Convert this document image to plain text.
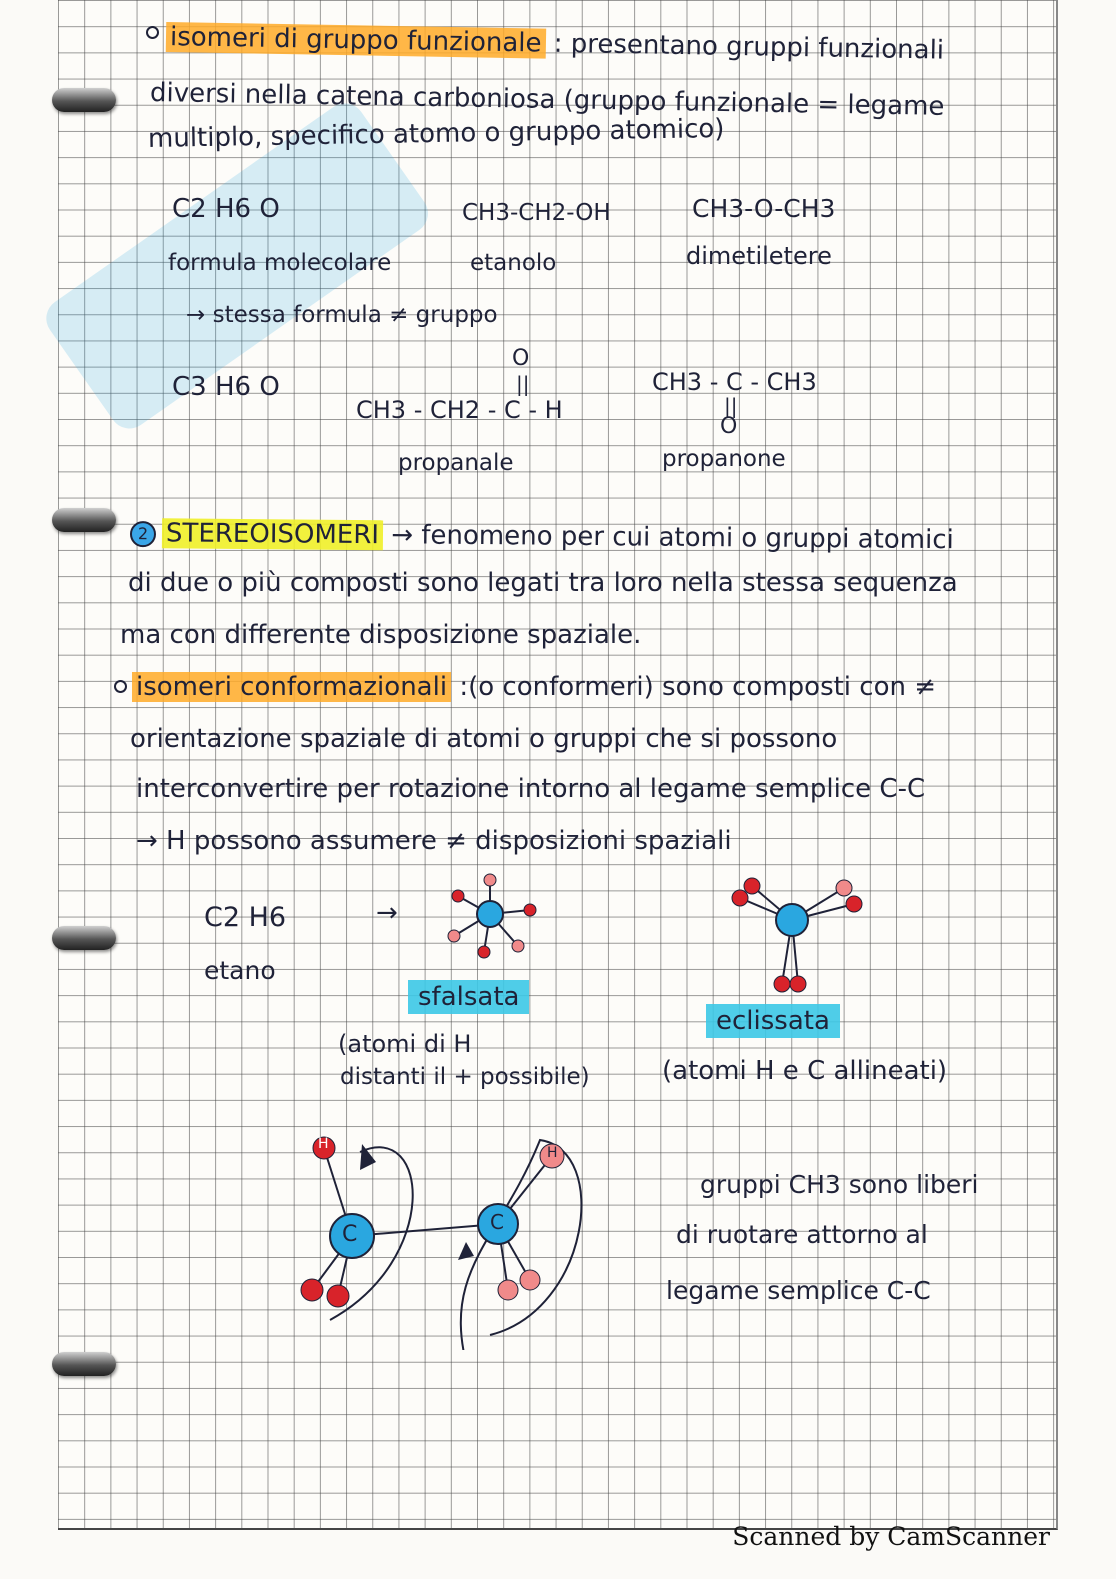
isomeri di gruppo funzionale : presentano gruppi funzionali
diversi nella catena carboniosa (gruppo funzionale = legame
multiplo, specifico atomo o gruppo atomico)
C2 H6 O
formula molecolare
CH3-CH2-OH
etanolo
CH3-O-CH3
dimetiletere
→ stessa formula ≠ gruppo
C3 H6 O
O
||
CH3 - CH2 - C - H
propanale
CH3 - C - CH3
||
O
propanone
2 STEREOISOMERI → fenomeno per cui atomi o gruppi atomici
di due o più composti sono legati tra loro nella stessa sequenza
ma con differente disposizione spaziale.
isomeri conformazionali :(o conformeri) sono composti con ≠
orientazione spaziale di atomi o gruppi che si possono
interconvertire per rotazione intorno al legame semplice C-C
→ H possono assumere ≠ disposizioni spaziali
C2 H6
etano
→
sfalsata
eclissata
(atomi di H
distanti il + possibile)	(atomi H e C allineati)
C	C
H
H
gruppi CH3 sono liberi
di ruotare attorno al
legame semplice C-C
Scanned by CamScanner
